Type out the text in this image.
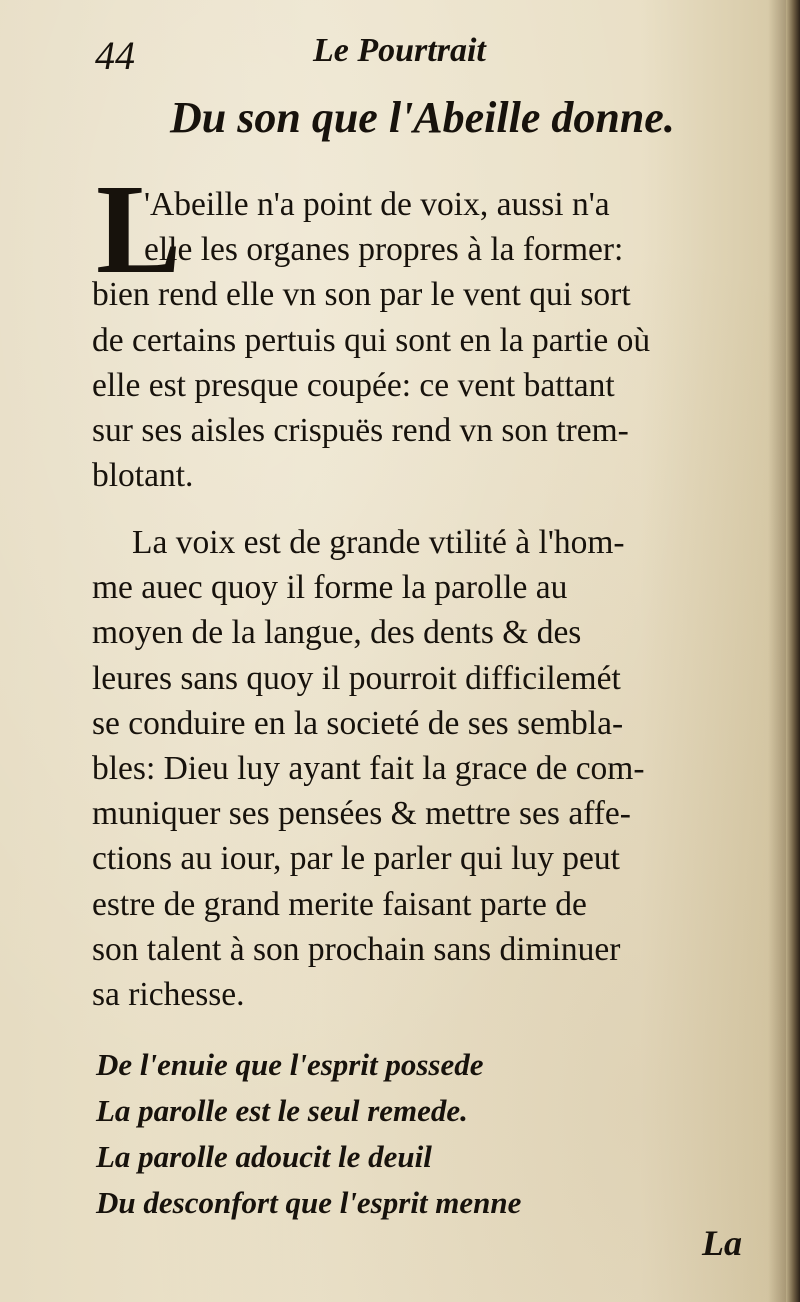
44	Le Pourtrait
Du son que l'Abeille donne.
L
'Abeille n'a point de voix, aussi n'a
elle les organes propres à la former:
bien rend elle vn son par le vent qui sort
de certains pertuis qui sont en la partie où
elle est presque coupée: ce vent battant
sur ses aisles crispuës rend vn son trem-
blotant.
La voix est de grande vtilité à l'hom-
me auec quoy il forme la parolle au
moyen de la langue, des dents & des
leures sans quoy il pourroit difficilemét
se conduire en la societé de ses sembla-
bles: Dieu luy ayant fait la grace de com-
muniquer ses pensées & mettre ses affe-
ctions au iour, par le parler qui luy peut
estre de grand merite faisant parte de
son talent à son prochain sans diminuer
sa richesse.
De l'enuie que l'esprit possede
La parolle est le seul remede.
La parolle adoucit le deuil
Du desconfort que l'esprit menne
La
